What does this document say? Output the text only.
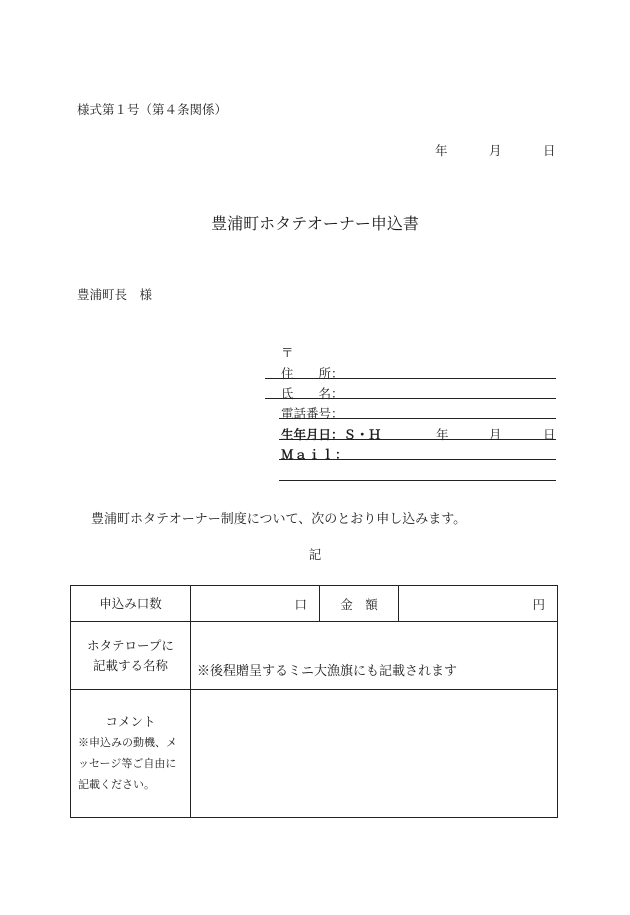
様式第１号（第４条関係）
年	月	日
豊浦町ホタテオーナー申込書
豊浦町長　様
〒
住　　所：
氏　　名：
電話番号：
生年月日：Ｓ・Ｈ	年	月	日
Ｍａｉｌ：
豊浦町ホタテオーナー制度について、次のとおり申し込みます。
記
申込み口数	口	金　額	円

ホタテロープに
記載する名称	※後程贈呈するミニ大漁旗にも記載されます		

コメント
※申込みの動機、メ
ッセージ等ご自由に
記載ください。			
